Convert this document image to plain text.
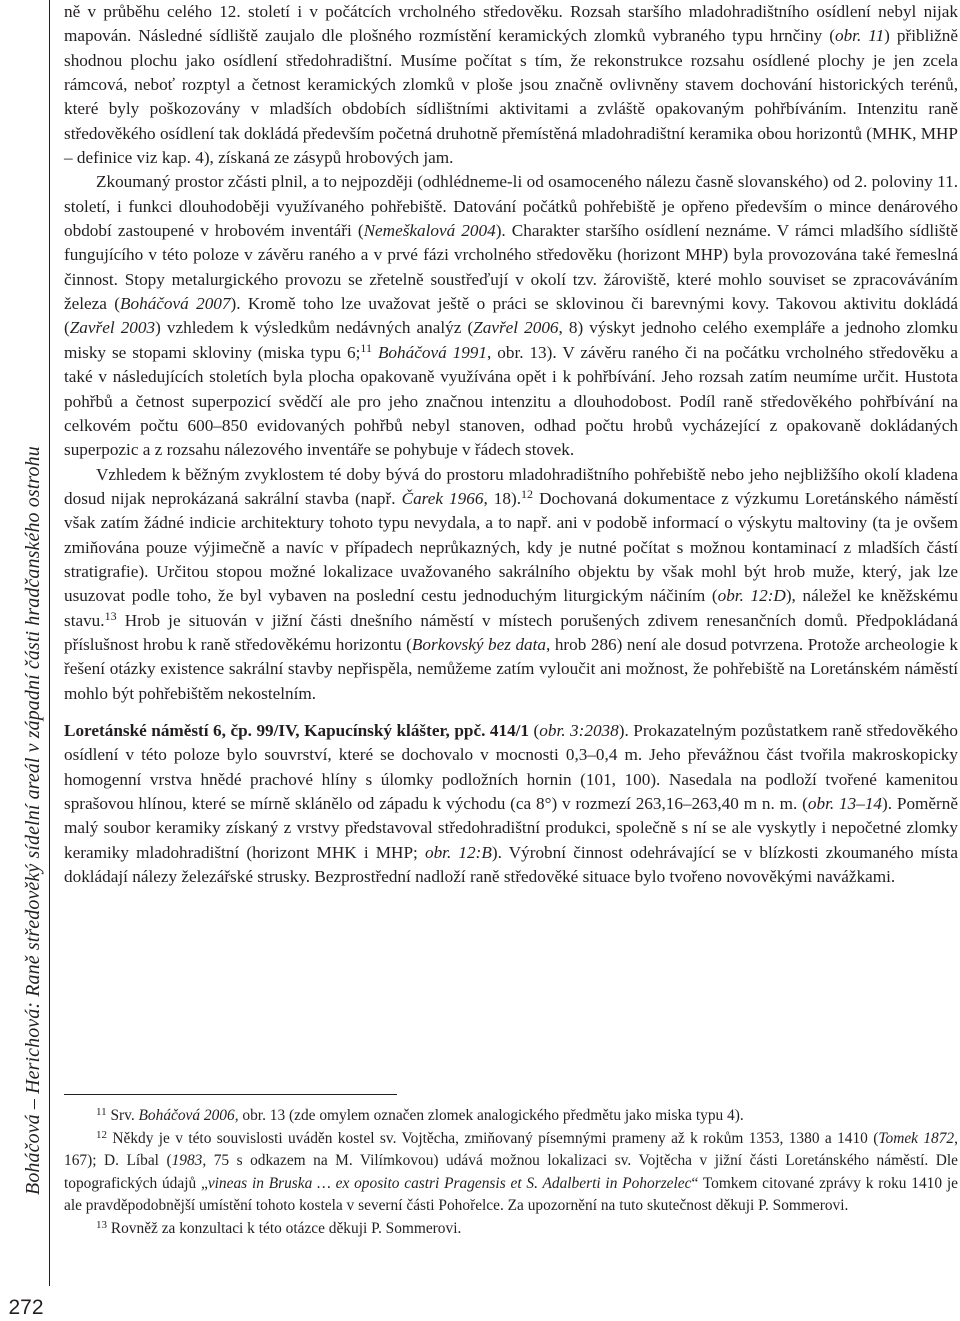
Boháčová – Herichová: Raně středověký sídelní areál v západní části hradčanského ostrohu
272

ně v průběhu celého 12. století i v počátcích vrcholného středověku. Rozsah staršího mladohradištního osídlení nebyl nijak mapován. Následné sídliště zaujalo dle plošného rozmístění keramických zlomků vybraného typu hrnčiny (obr. 11) přibližně shodnou plochu jako osídlení středohradištní. Musíme počítat s tím, že rekonstrukce rozsahu osídlené plochy je jen zcela rámcová, neboť rozptyl a četnost keramických zlomků v ploše jsou značně ovlivněny stavem dochování historických terénů, které byly poškozovány v mladších obdobích sídlištními aktivitami a zvláště opakovaným pohřbíváním. Intenzitu raně středověkého osídlení tak dokládá především početná druhotně přemístěná mladohradištní keramika obou horizontů (MHK, MHP – definice viz kap. 4), získaná ze zásypů hrobových jam.

Zkoumaný prostor zčásti plnil, a to nejpozději (odhlédneme-li od osamoceného nálezu časně slovanského) od 2. poloviny 11. století, i funkci dlouhodoběji využívaného pohřebiště. Datování počátků pohřebiště je opřeno především o mince denárového období zastoupené v hrobovém inventáři (Nemeškalová 2004). Charakter staršího osídlení neznáme. V rámci mladšího sídliště fungujícího v této poloze v závěru raného a v prvé fázi vrcholného středověku (horizont MHP) byla provozována také řemeslná činnost. Stopy metalurgického provozu se zřetelně soustřeďují v okolí tzv. žároviště, které mohlo souviset se zpracováváním železa (Boháčová 2007). Kromě toho lze uvažovat ještě o práci se sklovinou či barevnými kovy. Takovou aktivitu dokládá (Zavřel 2003) vzhledem k výsledkům nedávných analýz (Zavřel 2006, 8) výskyt jednoho celého exempláře a jednoho zlomku misky se stopami skloviny (miska typu 6;$^{11}$ Boháčová 1991, obr. 13). V závěru raného či na počátku vrcholného středověku a také v následujících stoletích byla plocha opakovaně využívána opět i k pohřbívání. Jeho rozsah zatím neumíme určit. Hustota pohřbů a četnost superpozicí svědčí ale pro jeho značnou intenzitu a dlouhodobost. Podíl raně středověkého pohřbívání na celkovém počtu 600–850 evidovaných pohřbů nebyl stanoven, odhad počtu hrobů vycházející z opakovaně dokládaných superpozic a z rozsahu nálezového inventáře se pohybuje v řádech stovek.

Vzhledem k běžným zvyklostem té doby bývá do prostoru mladohradištního pohřebiště nebo jeho nejbližšího okolí kladena dosud nijak neprokázaná sakrální stavba (např. Čarek 1966, 18).$^{12}$ Dochovaná dokumentace z výzkumu Loretánského náměstí však zatím žádné indicie architektury tohoto typu nevydala, a to např. ani v podobě informací o výskytu maltoviny (ta je ovšem zmiňována pouze výjimečně a navíc v případech neprůkazných, kdy je nutné počítat s možnou kontaminací z mladších částí stratigrafie). Určitou stopou možné lokalizace uvažovaného sakrálního objektu by však mohl být hrob muže, který, jak lze usuzovat podle toho, že byl vybaven na poslední cestu jednoduchým liturgickým náčiním (obr. 12:D), náležel ke kněžskému stavu.$^{13}$ Hrob je situován v jižní části dnešního náměstí v místech porušených zdivem renesančních domů. Předpokládaná příslušnost hrobu k raně středověkému horizontu (Borkovský bez data, hrob 286) není ale dosud potvrzena. Protože archeologie k řešení otázky existence sakrální stavby nepřispěla, nemůžeme zatím vyloučit ani možnost, že pohřebiště na Loretánském náměstí mohlo být pohřebištěm nekostelním.

Loretánské náměstí 6, čp. 99/IV, Kapucínský klášter, ppč. 414/1 (obr. 3:2038). Prokazatelným pozůstatkem raně středověkého osídlení v této poloze bylo souvrství, které se dochovalo v mocnosti 0,3–0,4 m. Jeho převážnou část tvořila makroskopicky homogenní vrstva hnědé prachové hlíny s úlomky podložních hornin (101, 100). Nasedala na podloží tvořené kamenitou sprašovou hlínou, které se mírně sklánělo od západu k východu (ca 8°) v rozmezí 263,16–263,40 m n. m. (obr. 13–14). Poměrně malý soubor keramiky získaný z vrstvy představoval středohradištní produkci, společně s ní se ale vyskytly i nepočetné zlomky keramiky mladohradištní (horizont MHK i MHP; obr. 12:B). Výrobní činnost odehrávající se v blízkosti zkoumaného místa dokládají nálezy železářské strusky. Bezprostřední nadloží raně středověké situace bylo tvořeno novověkými navážkami.

$^{11}$ Srv. Boháčová 2006, obr. 13 (zde omylem označen zlomek analogického předmětu jako miska typu 4).

$^{12}$ Někdy je v této souvislosti uváděn kostel sv. Vojtěcha, zmiňovaný písemnými prameny až k rokům 1353, 1380 a 1410 (Tomek 1872, 167); D. Líbal (1983, 75 s odkazem na M. Vilímkovou) udává možnou lokalizaci sv. Vojtěcha v jižní části Loretánského náměstí. Dle topografických údajů „vineas in Bruska … ex oposito castri Pragensis et S. Adalberti in Pohorzelec“ Tomkem citované zprávy k roku 1410 je ale pravděpodobnější umístění tohoto kostela v severní části Pohořelce. Za upozornění na tuto skutečnost děkuji P. Sommerovi.

$^{13}$ Rovněž za konzultaci k této otázce děkuji P. Sommerovi.
